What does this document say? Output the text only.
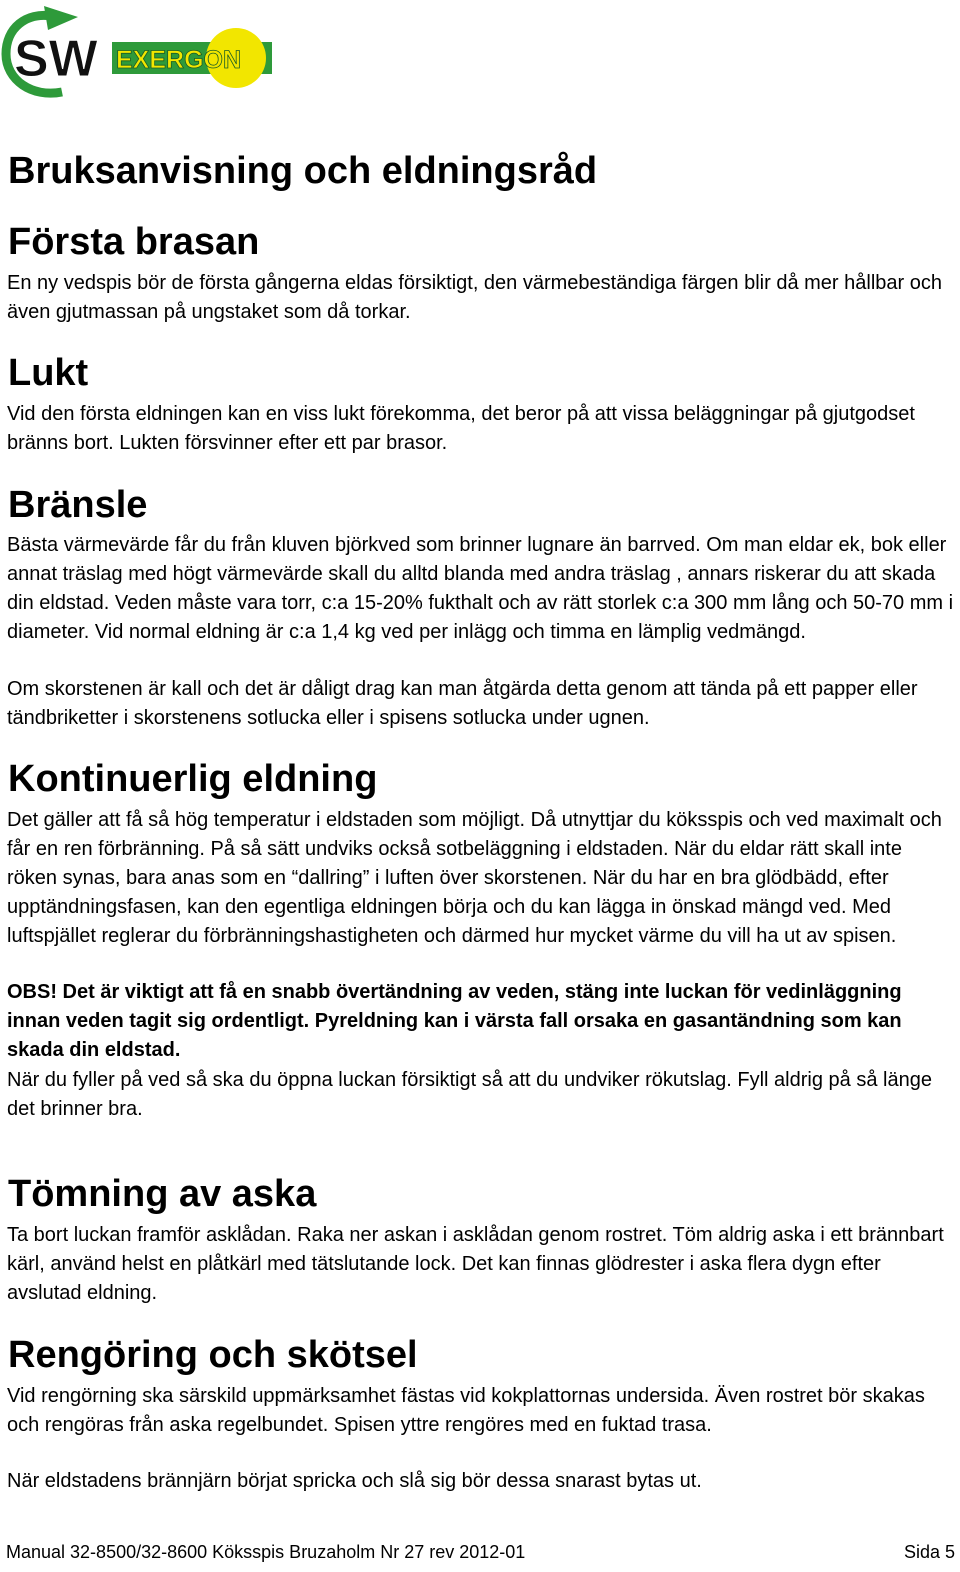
SW EXERGON
Bruksanvisning och eldningsråd
Första brasan

En ny vedspis bör de första gångerna eldas försiktigt, den värmebeständiga färgen blir då mer hållbar och även gjutmassan på ungstaket som då torkar.

Lukt

Vid den första eldningen kan en viss lukt förekomma, det beror på att vissa beläggningar på gjutgodset bränns bort. Lukten försvinner efter ett par brasor.

Bränsle

Bästa värmevärde får du från kluven björkved som brinner lugnare än barrved. Om man eldar ek, bok eller annat träslag med högt värmevärde skall du alltd blanda med andra träslag , annars riskerar du att skada din eldstad. Veden måste vara torr, c:a 15-20% fukthalt och av rätt storlek c:a 300 mm lång och 50-70 mm i diameter. Vid normal eldning är c:a 1,4 kg ved per inlägg och timma en lämplig vedmängd.

Om skorstenen är kall och det är dåligt drag kan man åtgärda detta genom att tända på ett papper eller tändbriketter i skorstenens sotlucka eller i spisens sotlucka under ugnen.

Kontinuerlig eldning

Det gäller att få så hög temperatur i eldstaden som möjligt. Då utnyttjar du köksspis och ved maximalt och får en ren förbränning. På så sätt undviks också sotbeläggning i eldstaden. När du eldar rätt skall inte röken synas, bara anas som en “dallring” i luften över skorstenen. När du har en bra glödbädd, efter upptändningsfasen, kan den egentliga eldningen börja och du kan lägga in önskad mängd ved. Med luftspjället reglerar du förbränningshastigheten och därmed hur mycket värme du vill ha ut av spisen.

OBS! Det är viktigt att få en snabb övertändning av veden, stäng inte luckan för vedinläggning innan veden tagit sig ordentligt. Pyreldning kan i värsta fall orsaka en gasantändning som kan skada din eldstad.

När du fyller på ved så ska du öppna luckan försiktigt så att du undviker rökutslag. Fyll aldrig på så länge det brinner bra.

Tömning av aska

Ta bort luckan framför asklådan. Raka ner askan i asklådan genom rostret. Töm aldrig aska i ett brännbart kärl, använd helst en plåtkärl med tätslutande lock. Det kan finnas glödrester i aska flera dygn efter avslutad eldning.

Rengöring och skötsel

Vid rengörning ska särskild uppmärksamhet fästas vid kokplattornas undersida. Även rostret bör skakas och rengöras från aska regelbundet. Spisen yttre rengöres med en fuktad trasa.

När eldstadens brännjärn börjat spricka och slå sig bör dessa snarast bytas ut.

Manual 32-8500/32-8600 Köksspis Bruzaholm Nr 27 rev 2012-01	Sida 5
